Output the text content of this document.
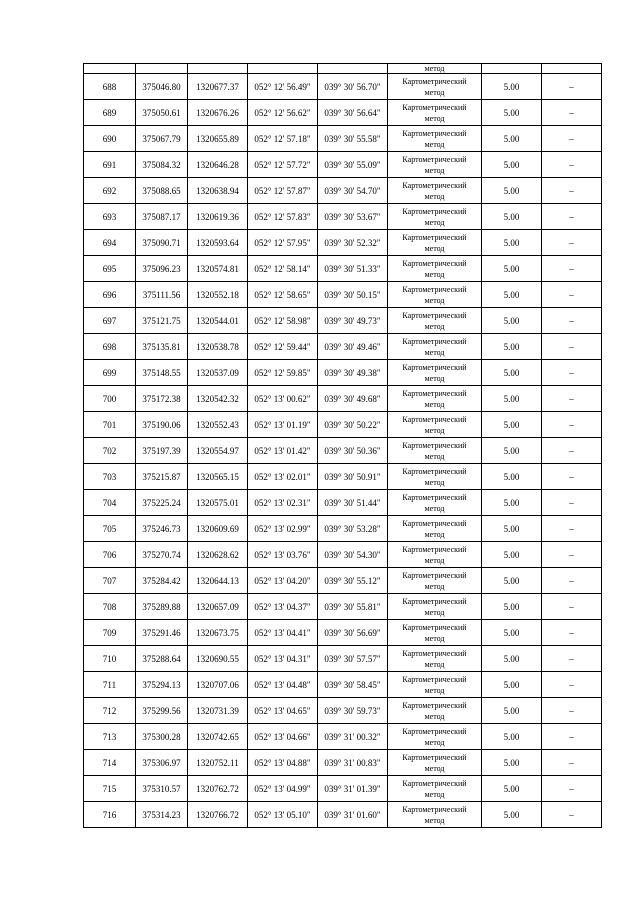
					метод		
688	375046.80	1320677.37	052° 12' 56.49"	039° 30' 56.70"	Картометрический
метод	5.00	–
689	375050.61	1320676.26	052° 12' 56.62"	039° 30' 56.64"	Картометрический
метод	5.00	–
690	375067.79	1320655.89	052° 12' 57.18"	039° 30' 55.58"	Картометрический
метод	5.00	–
691	375084.32	1320646.28	052° 12' 57.72"	039° 30' 55.09"	Картометрический
метод	5.00	–
692	375088.65	1320638.94	052° 12' 57.87"	039° 30' 54.70"	Картометрический
метод	5.00	–
693	375087.17	1320619.36	052° 12' 57.83"	039° 30' 53.67"	Картометрический
метод	5.00	–
694	375090.71	1320593.64	052° 12' 57.95"	039° 30' 52.32"	Картометрический
метод	5.00	–
695	375096.23	1320574.81	052° 12' 58.14"	039° 30' 51.33"	Картометрический
метод	5.00	–
696	375111.56	1320552.18	052° 12' 58.65"	039° 30' 50.15"	Картометрический
метод	5.00	–
697	375121.75	1320544.01	052° 12' 58.98"	039° 30' 49.73"	Картометрический
метод	5.00	–
698	375135.81	1320538.78	052° 12' 59.44"	039° 30' 49.46"	Картометрический
метод	5.00	–
699	375148.55	1320537.09	052° 12' 59.85"	039° 30' 49.38"	Картометрический
метод	5.00	–
700	375172.38	1320542.32	052° 13' 00.62"	039° 30' 49.68"	Картометрический
метод	5.00	–
701	375190.06	1320552.43	052° 13' 01.19"	039° 30' 50.22"	Картометрический
метод	5.00	–
702	375197.39	1320554.97	052° 13' 01.42"	039° 30' 50.36"	Картометрический
метод	5.00	–
703	375215.87	1320565.15	052° 13' 02.01"	039° 30' 50.91"	Картометрический
метод	5.00	–
704	375225.24	1320575.01	052° 13' 02.31"	039° 30' 51.44"	Картометрический
метод	5.00	–
705	375246.73	1320609.69	052° 13' 02.99"	039° 30' 53.28"	Картометрический
метод	5.00	–
706	375270.74	1320628.62	052° 13' 03.76"	039° 30' 54.30"	Картометрический
метод	5.00	–
707	375284.42	1320644.13	052° 13' 04.20"	039° 30' 55.12"	Картометрический
метод	5.00	–
708	375289.88	1320657.09	052° 13' 04.37"	039° 30' 55.81"	Картометрический
метод	5.00	–
709	375291.46	1320673.75	052° 13' 04.41"	039° 30' 56.69"	Картометрический
метод	5.00	–
710	375288.64	1320690.55	052° 13' 04.31"	039° 30' 57.57"	Картометрический
метод	5.00	–
711	375294.13	1320707.06	052° 13' 04.48"	039° 30' 58.45"	Картометрический
метод	5.00	–
712	375299.56	1320731.39	052° 13' 04.65"	039° 30' 59.73"	Картометрический
метод	5.00	–
713	375300.28	1320742.65	052° 13' 04.66"	039° 31' 00.32"	Картометрический
метод	5.00	–
714	375306.97	1320752.11	052° 13' 04.88"	039° 31' 00.83"	Картометрический
метод	5.00	–
715	375310.57	1320762.72	052° 13' 04.99"	039° 31' 01.39"	Картометрический
метод	5.00	–
716	375314.23	1320766.72	052° 13' 05.10"	039° 31' 01.60"	Картометрический
метод	5.00	–
